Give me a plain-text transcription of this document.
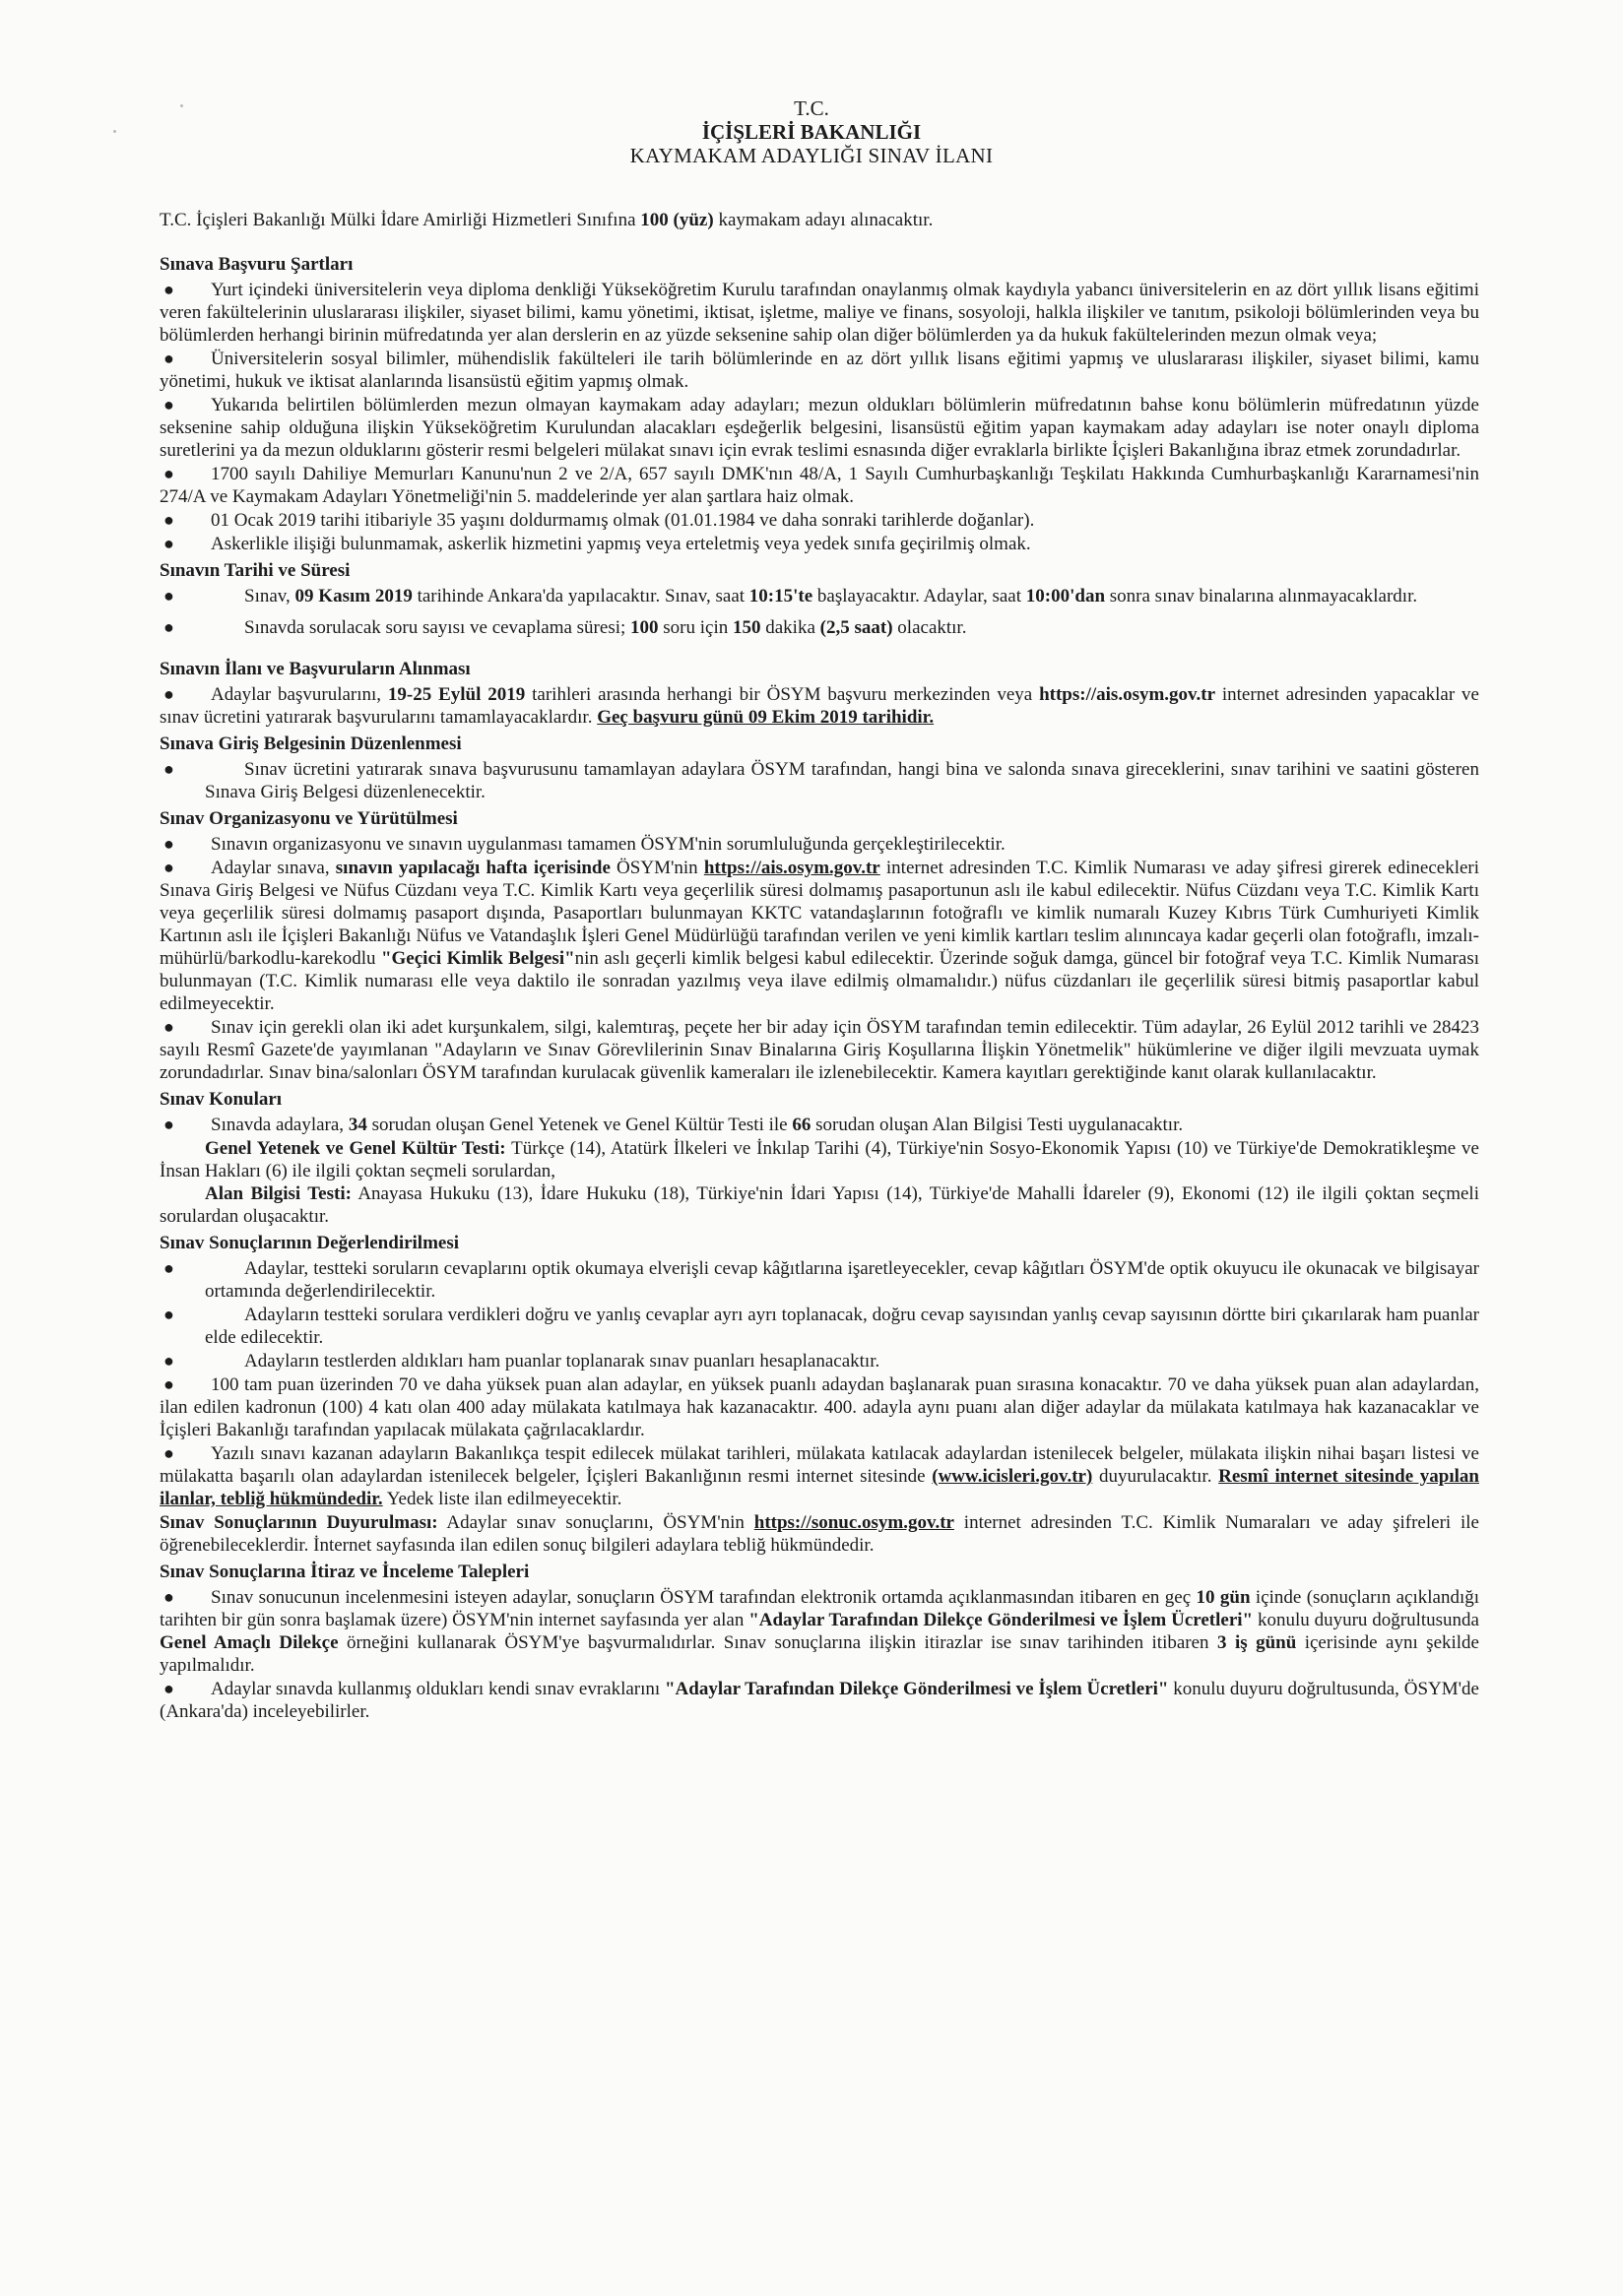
T.C.
İÇİŞLERİ BAKANLIĞI
KAYMAKAM ADAYLIĞI SINAV İLANI

T.C. İçişleri Bakanlığı Mülki İdare Amirliği Hizmetleri Sınıfına 100 (yüz) kaymakam adayı alınacaktır.

Sınava Başvuru Şartları

● Yurt içindeki üniversitelerin veya diploma denkliği Yükseköğretim Kurulu tarafından onaylanmış olmak kaydıyla yabancı üniversitelerin en az dört yıllık lisans eğitimi veren fakültelerinin uluslararası ilişkiler, siyaset bilimi, kamu yönetimi, iktisat, işletme, maliye ve finans, sosyoloji, halkla ilişkiler ve tanıtım, psikoloji bölümlerinden veya bu bölümlerden herhangi birinin müfredatında yer alan derslerin en az yüzde seksenine sahip olan diğer bölümlerden ya da hukuk fakültelerinden mezun olmak veya;

● Üniversitelerin sosyal bilimler, mühendislik fakülteleri ile tarih bölümlerinde en az dört yıllık lisans eğitimi yapmış ve uluslararası ilişkiler, siyaset bilimi, kamu yönetimi, hukuk ve iktisat alanlarında lisansüstü eğitim yapmış olmak.

● Yukarıda belirtilen bölümlerden mezun olmayan kaymakam aday adayları; mezun oldukları bölümlerin müfredatının bahse konu bölümlerin müfredatının yüzde seksenine sahip olduğuna ilişkin Yükseköğretim Kurulundan alacakları eşdeğerlik belgesini, lisansüstü eğitim yapan kaymakam aday adayları ise noter onaylı diploma suretlerini ya da mezun olduklarını gösterir resmi belgeleri mülakat sınavı için evrak teslimi esnasında diğer evraklarla birlikte İçişleri Bakanlığına ibraz etmek zorundadırlar.

● 1700 sayılı Dahiliye Memurları Kanunu'nun 2 ve 2/A, 657 sayılı DMK'nın 48/A, 1 Sayılı Cumhurbaşkanlığı Teşkilatı Hakkında Cumhurbaşkanlığı Kararnamesi'nin 274/A ve Kaymakam Adayları Yönetmeliği'nin 5. maddelerinde yer alan şartlara haiz olmak.

● 01 Ocak 2019 tarihi itibariyle 35 yaşını doldurmamış olmak (01.01.1984 ve daha sonraki tarihlerde doğanlar).

● Askerlikle ilişiği bulunmamak, askerlik hizmetini yapmış veya erteletmiş veya yedek sınıfa geçirilmiş olmak.

Sınavın Tarihi ve Süresi

●	Sınav, 09 Kasım 2019 tarihinde Ankara'da yapılacaktır. Sınav, saat 10:15'te başlayacaktır. Adaylar, saat 10:00'dan sonra sınav binalarına alınmayacaklardır.

●	Sınavda sorulacak soru sayısı ve cevaplama süresi; 100 soru için 150 dakika (2,5 saat) olacaktır.

Sınavın İlanı ve Başvuruların Alınması

● Adaylar başvurularını, 19-25 Eylül 2019 tarihleri arasında herhangi bir ÖSYM başvuru merkezinden veya https://ais.osym.gov.tr internet adresinden yapacaklar ve sınav ücretini yatırarak başvurularını tamamlayacaklardır. Geç başvuru günü 09 Ekim 2019 tarihidir.

Sınava Giriş Belgesinin Düzenlenmesi

●	Sınav ücretini yatırarak sınava başvurusunu tamamlayan adaylara ÖSYM tarafından, hangi bina ve salonda sınava gireceklerini, sınav tarihini ve saatini gösteren Sınava Giriş Belgesi düzenlenecektir.

Sınav Organizasyonu ve Yürütülmesi

● Sınavın organizasyonu ve sınavın uygulanması tamamen ÖSYM'nin sorumluluğunda gerçekleştirilecektir.

● Adaylar sınava, sınavın yapılacağı hafta içerisinde ÖSYM'nin https://ais.osym.gov.tr internet adresinden T.C. Kimlik Numarası ve aday şifresi girerek edinecekleri Sınava Giriş Belgesi ve Nüfus Cüzdanı veya T.C. Kimlik Kartı veya geçerlilik süresi dolmamış pasaportunun aslı ile kabul edilecektir. Nüfus Cüzdanı veya T.C. Kimlik Kartı veya geçerlilik süresi dolmamış pasaport dışında, Pasaportları bulunmayan KKTC vatandaşlarının fotoğraflı ve kimlik numaralı Kuzey Kıbrıs Türk Cumhuriyeti Kimlik Kartının aslı ile İçişleri Bakanlığı Nüfus ve Vatandaşlık İşleri Genel Müdürlüğü tarafından verilen ve yeni kimlik kartları teslim alınıncaya kadar geçerli olan fotoğraflı, imzalı-mühürlü/barkodlu-karekodlu "Geçici Kimlik Belgesi"nin aslı geçerli kimlik belgesi kabul edilecektir. Üzerinde soğuk damga, güncel bir fotoğraf veya T.C. Kimlik Numarası bulunmayan (T.C. Kimlik numarası elle veya daktilo ile sonradan yazılmış veya ilave edilmiş olmamalıdır.) nüfus cüzdanları ile geçerlilik süresi bitmiş pasaportlar kabul edilmeyecektir.

● Sınav için gerekli olan iki adet kurşunkalem, silgi, kalemtıraş, peçete her bir aday için ÖSYM tarafından temin edilecektir. Tüm adaylar, 26 Eylül 2012 tarihli ve 28423 sayılı Resmî Gazete'de yayımlanan "Adayların ve Sınav Görevlilerinin Sınav Binalarına Giriş Koşullarına İlişkin Yönetmelik" hükümlerine ve diğer ilgili mevzuata uymak zorundadırlar. Sınav bina/salonları ÖSYM tarafından kurulacak güvenlik kameraları ile izlenebilecektir. Kamera kayıtları gerektiğinde kanıt olarak kullanılacaktır.

Sınav Konuları

● Sınavda adaylara, 34 sorudan oluşan Genel Yetenek ve Genel Kültür Testi ile 66 sorudan oluşan Alan Bilgisi Testi uygulanacaktır.

Genel Yetenek ve Genel Kültür Testi: Türkçe (14), Atatürk İlkeleri ve İnkılap Tarihi (4), Türkiye'nin Sosyo-Ekonomik Yapısı (10) ve Türkiye'de Demokratikleşme ve İnsan Hakları (6) ile ilgili çoktan seçmeli sorulardan,

Alan Bilgisi Testi: Anayasa Hukuku (13), İdare Hukuku (18), Türkiye'nin İdari Yapısı (14), Türkiye'de Mahalli İdareler (9), Ekonomi (12) ile ilgili çoktan seçmeli sorulardan oluşacaktır.

Sınav Sonuçlarının Değerlendirilmesi

●	Adaylar, testteki soruların cevaplarını optik okumaya elverişli cevap kâğıtlarına işaretleyecekler, cevap kâğıtları ÖSYM'de optik okuyucu ile okunacak ve bilgisayar ortamında değerlendirilecektir.

●	Adayların testteki sorulara verdikleri doğru ve yanlış cevaplar ayrı ayrı toplanacak, doğru cevap sayısından yanlış cevap sayısının dörtte biri çıkarılarak ham puanlar elde edilecektir.

●	Adayların testlerden aldıkları ham puanlar toplanarak sınav puanları hesaplanacaktır.

● 100 tam puan üzerinden 70 ve daha yüksek puan alan adaylar, en yüksek puanlı adaydan başlanarak puan sırasına konacaktır. 70 ve daha yüksek puan alan adaylardan, ilan edilen kadronun (100) 4 katı olan 400 aday mülakata katılmaya hak kazanacaktır. 400. adayla aynı puanı alan diğer adaylar da mülakata katılmaya hak kazanacaklar ve İçişleri Bakanlığı tarafından yapılacak mülakata çağrılacaklardır.

● Yazılı sınavı kazanan adayların Bakanlıkça tespit edilecek mülakat tarihleri, mülakata katılacak adaylardan istenilecek belgeler, mülakata ilişkin nihai başarı listesi ve mülakatta başarılı olan adaylardan istenilecek belgeler, İçişleri Bakanlığının resmi internet sitesinde (www.icisleri.gov.tr) duyurulacaktır. Resmî internet sitesinde yapılan ilanlar, tebliğ hükmündedir. Yedek liste ilan edilmeyecektir.

Sınav Sonuçlarının Duyurulması: Adaylar sınav sonuçlarını, ÖSYM'nin https://sonuc.osym.gov.tr internet adresinden T.C. Kimlik Numaraları ve aday şifreleri ile öğrenebileceklerdir. İnternet sayfasında ilan edilen sonuç bilgileri adaylara tebliğ hükmündedir.

Sınav Sonuçlarına İtiraz ve İnceleme Talepleri

● Sınav sonucunun incelenmesini isteyen adaylar, sonuçların ÖSYM tarafından elektronik ortamda açıklanmasından itibaren en geç 10 gün içinde (sonuçların açıklandığı tarihten bir gün sonra başlamak üzere) ÖSYM'nin internet sayfasında yer alan "Adaylar Tarafından Dilekçe Gönderilmesi ve İşlem Ücretleri" konulu duyuru doğrultusunda Genel Amaçlı Dilekçe örneğini kullanarak ÖSYM'ye başvurmalıdırlar. Sınav sonuçlarına ilişkin itirazlar ise sınav tarihinden itibaren 3 iş günü içerisinde aynı şekilde yapılmalıdır.

● Adaylar sınavda kullanmış oldukları kendi sınav evraklarını "Adaylar Tarafından Dilekçe Gönderilmesi ve İşlem Ücretleri" konulu duyuru doğrultusunda, ÖSYM'de (Ankara'da) inceleyebilirler.
